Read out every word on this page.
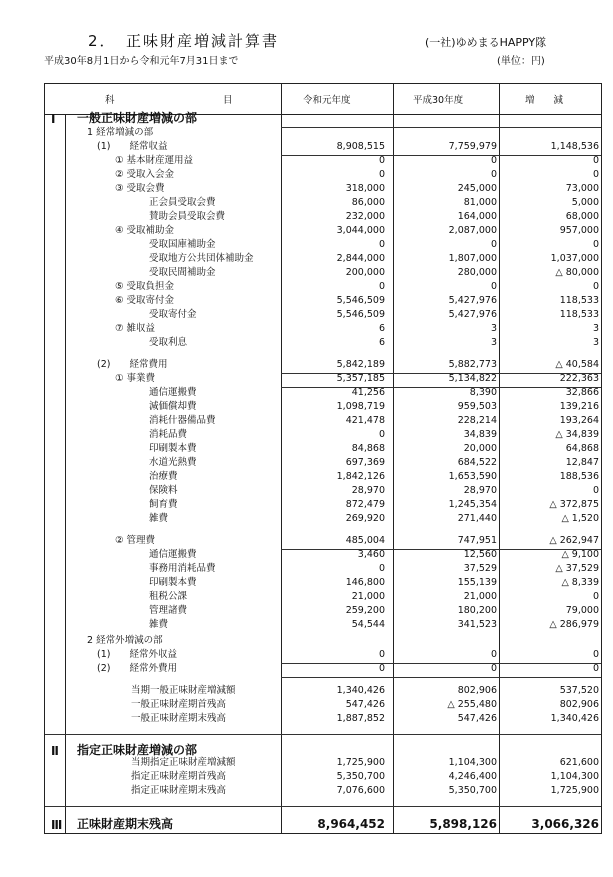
2．　正味財産増減計算書	(一社)ゆめまるHAPPY隊
平成30年8月1日から令和元年7月31日まで	(単位：円)
科	目	令和元年度	平成30年度	増　　減
Ⅰ
Ⅱ
Ⅲ
一般正味財産増減の部
1 経常増減の部
(1)　　経常収益	8,908,515	7,759,979	1,148,536
① 基本財産運用益	0	0	0
② 受取入会金	0	0	0
③ 受取会費	318,000	245,000	73,000
正会員受取会費	86,000	81,000	5,000
賛助会員受取会費	232,000	164,000	68,000
④ 受取補助金	3,044,000	2,087,000	957,000
受取国庫補助金	0	0	0
受取地方公共団体補助金	2,844,000	1,807,000	1,037,000
受取民間補助金	200,000	280,000	△ 80,000
⑤ 受取負担金	0	0	0
⑥ 受取寄付金	5,546,509	5,427,976	118,533
受取寄付金	5,546,509	5,427,976	118,533
⑦ 雑収益	6	3	3
受取利息	6	3	3
(2)　　経常費用	5,842,189	5,882,773	△ 40,584
① 事業費	5,357,185	5,134,822	222,363
通信運搬費	41,256	8,390	32,866
減価償却費	1,098,719	959,503	139,216
消耗什器備品費	421,478	228,214	193,264
消耗品費	0	34,839	△ 34,839
印刷製本費	84,868	20,000	64,868
水道光熱費	697,369	684,522	12,847
治療費	1,842,126	1,653,590	188,536
保険料	28,970	28,970	0
飼育費	872,479	1,245,354	△ 372,875
雑費	269,920	271,440	△ 1,520
② 管理費	485,004	747,951	△ 262,947
通信運搬費	3,460	12,560	△ 9,100
事務用消耗品費	0	37,529	△ 37,529
印刷製本費	146,800	155,139	△ 8,339
租税公課	21,000	21,000	0
管理諸費	259,200	180,200	79,000
雑費	54,544	341,523	△ 286,979
2 経常外増減の部
(1)　　経常外収益	0	0	0
(2)　　経常外費用	0	0	0
当期一般正味財産増減額	1,340,426	802,906	537,520
一般正味財産期首残高	547,426	△ 255,480	802,906
一般正味財産期末残高	1,887,852	547,426	1,340,426
指定正味財産増減の部
当期指定正味財産増減額	1,725,900	1,104,300	621,600
指定正味財産期首残高	5,350,700	4,246,400	1,104,300
指定正味財産期末残高	7,076,600	5,350,700	1,725,900
正味財産期末残高	8,964,452	5,898,126	3,066,326
